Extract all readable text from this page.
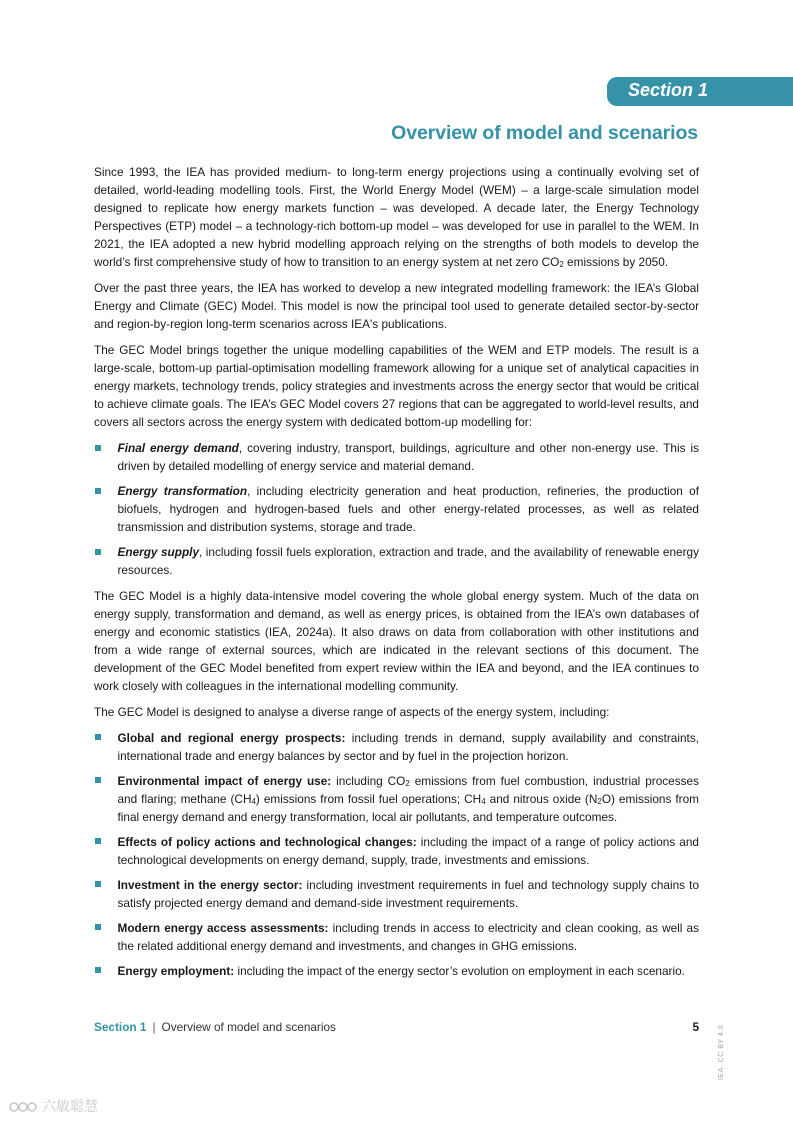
Section 1
Overview of model and scenarios

Since 1993, the IEA has provided medium- to long-term energy projections using a continually evolving set of detailed, world-leading modelling tools. First, the World Energy Model (WEM) – a large-scale simulation model designed to replicate how energy markets function – was developed. A decade later, the Energy Technology Perspectives (ETP) model – a technology-rich bottom-up model – was developed for use in parallel to the WEM. In 2021, the IEA adopted a new hybrid modelling approach relying on the strengths of both models to develop the world’s first comprehensive study of how to transition to an energy system at net zero $CO_2$ emissions by 2050.

Over the past three years, the IEA has worked to develop a new integrated modelling framework: the IEA’s Global Energy and Climate (GEC) Model. This model is now the principal tool used to generate detailed sector-by-sector and region-by-region long-term scenarios across IEA's publications.

The GEC Model brings together the unique modelling capabilities of the WEM and ETP models. The result is a large-scale, bottom-up partial-optimisation modelling framework allowing for a unique set of analytical capacities in energy markets, technology trends, policy strategies and investments across the energy sector that would be critical to achieve climate goals. The IEA’s GEC Model covers 27 regions that can be aggregated to world-level results, and covers all sectors across the energy system with dedicated bottom-up modelling for:

Final energy demand, covering industry, transport, buildings, agriculture and other non-energy use. This is driven by detailed modelling of energy service and material demand.
Energy transformation, including electricity generation and heat production, refineries, the production of biofuels, hydrogen and hydrogen-based fuels and other energy-related processes, as well as related transmission and distribution systems, storage and trade.
Energy supply, including fossil fuels exploration, extraction and trade, and the availability of renewable energy resources.

The GEC Model is a highly data-intensive model covering the whole global energy system. Much of the data on energy supply, transformation and demand, as well as energy prices, is obtained from the IEA’s own databases of energy and economic statistics (IEA, 2024a). It also draws on data from collaboration with other institutions and from a wide range of external sources, which are indicated in the relevant sections of this document. The development of the GEC Model benefited from expert review within the IEA and beyond, and the IEA continues to work closely with colleagues in the international modelling community.

The GEC Model is designed to analyse a diverse range of aspects of the energy system, including:

Global and regional energy prospects: including trends in demand, supply availability and constraints, international trade and energy balances by sector and by fuel in the projection horizon.
Environmental impact of energy use: including $CO_2$ emissions from fuel combustion, industrial processes and flaring; methane $(CH_4)$ emissions from fossil fuel operations; $CH_4$ and nitrous oxide $(N_2O)$ emissions from final energy demand and energy transformation, local air pollutants, and temperature outcomes.
Effects of policy actions and technological changes: including the impact of a range of policy actions and technological developments on energy demand, supply, trade, investments and emissions.
Investment in the energy sector: including investment requirements in fuel and technology supply chains to satisfy projected energy demand and demand-side investment requirements.
Modern energy access assessments: including trends in access to electricity and clean cooking, as well as the related additional energy demand and investments, and changes in GHG emissions.
Energy employment: including the impact of the energy sector’s evolution on employment in each scenario.
Section 1 | Overview of model and scenarios	5	IEA. CC BY 4.0
六敏聪慧
